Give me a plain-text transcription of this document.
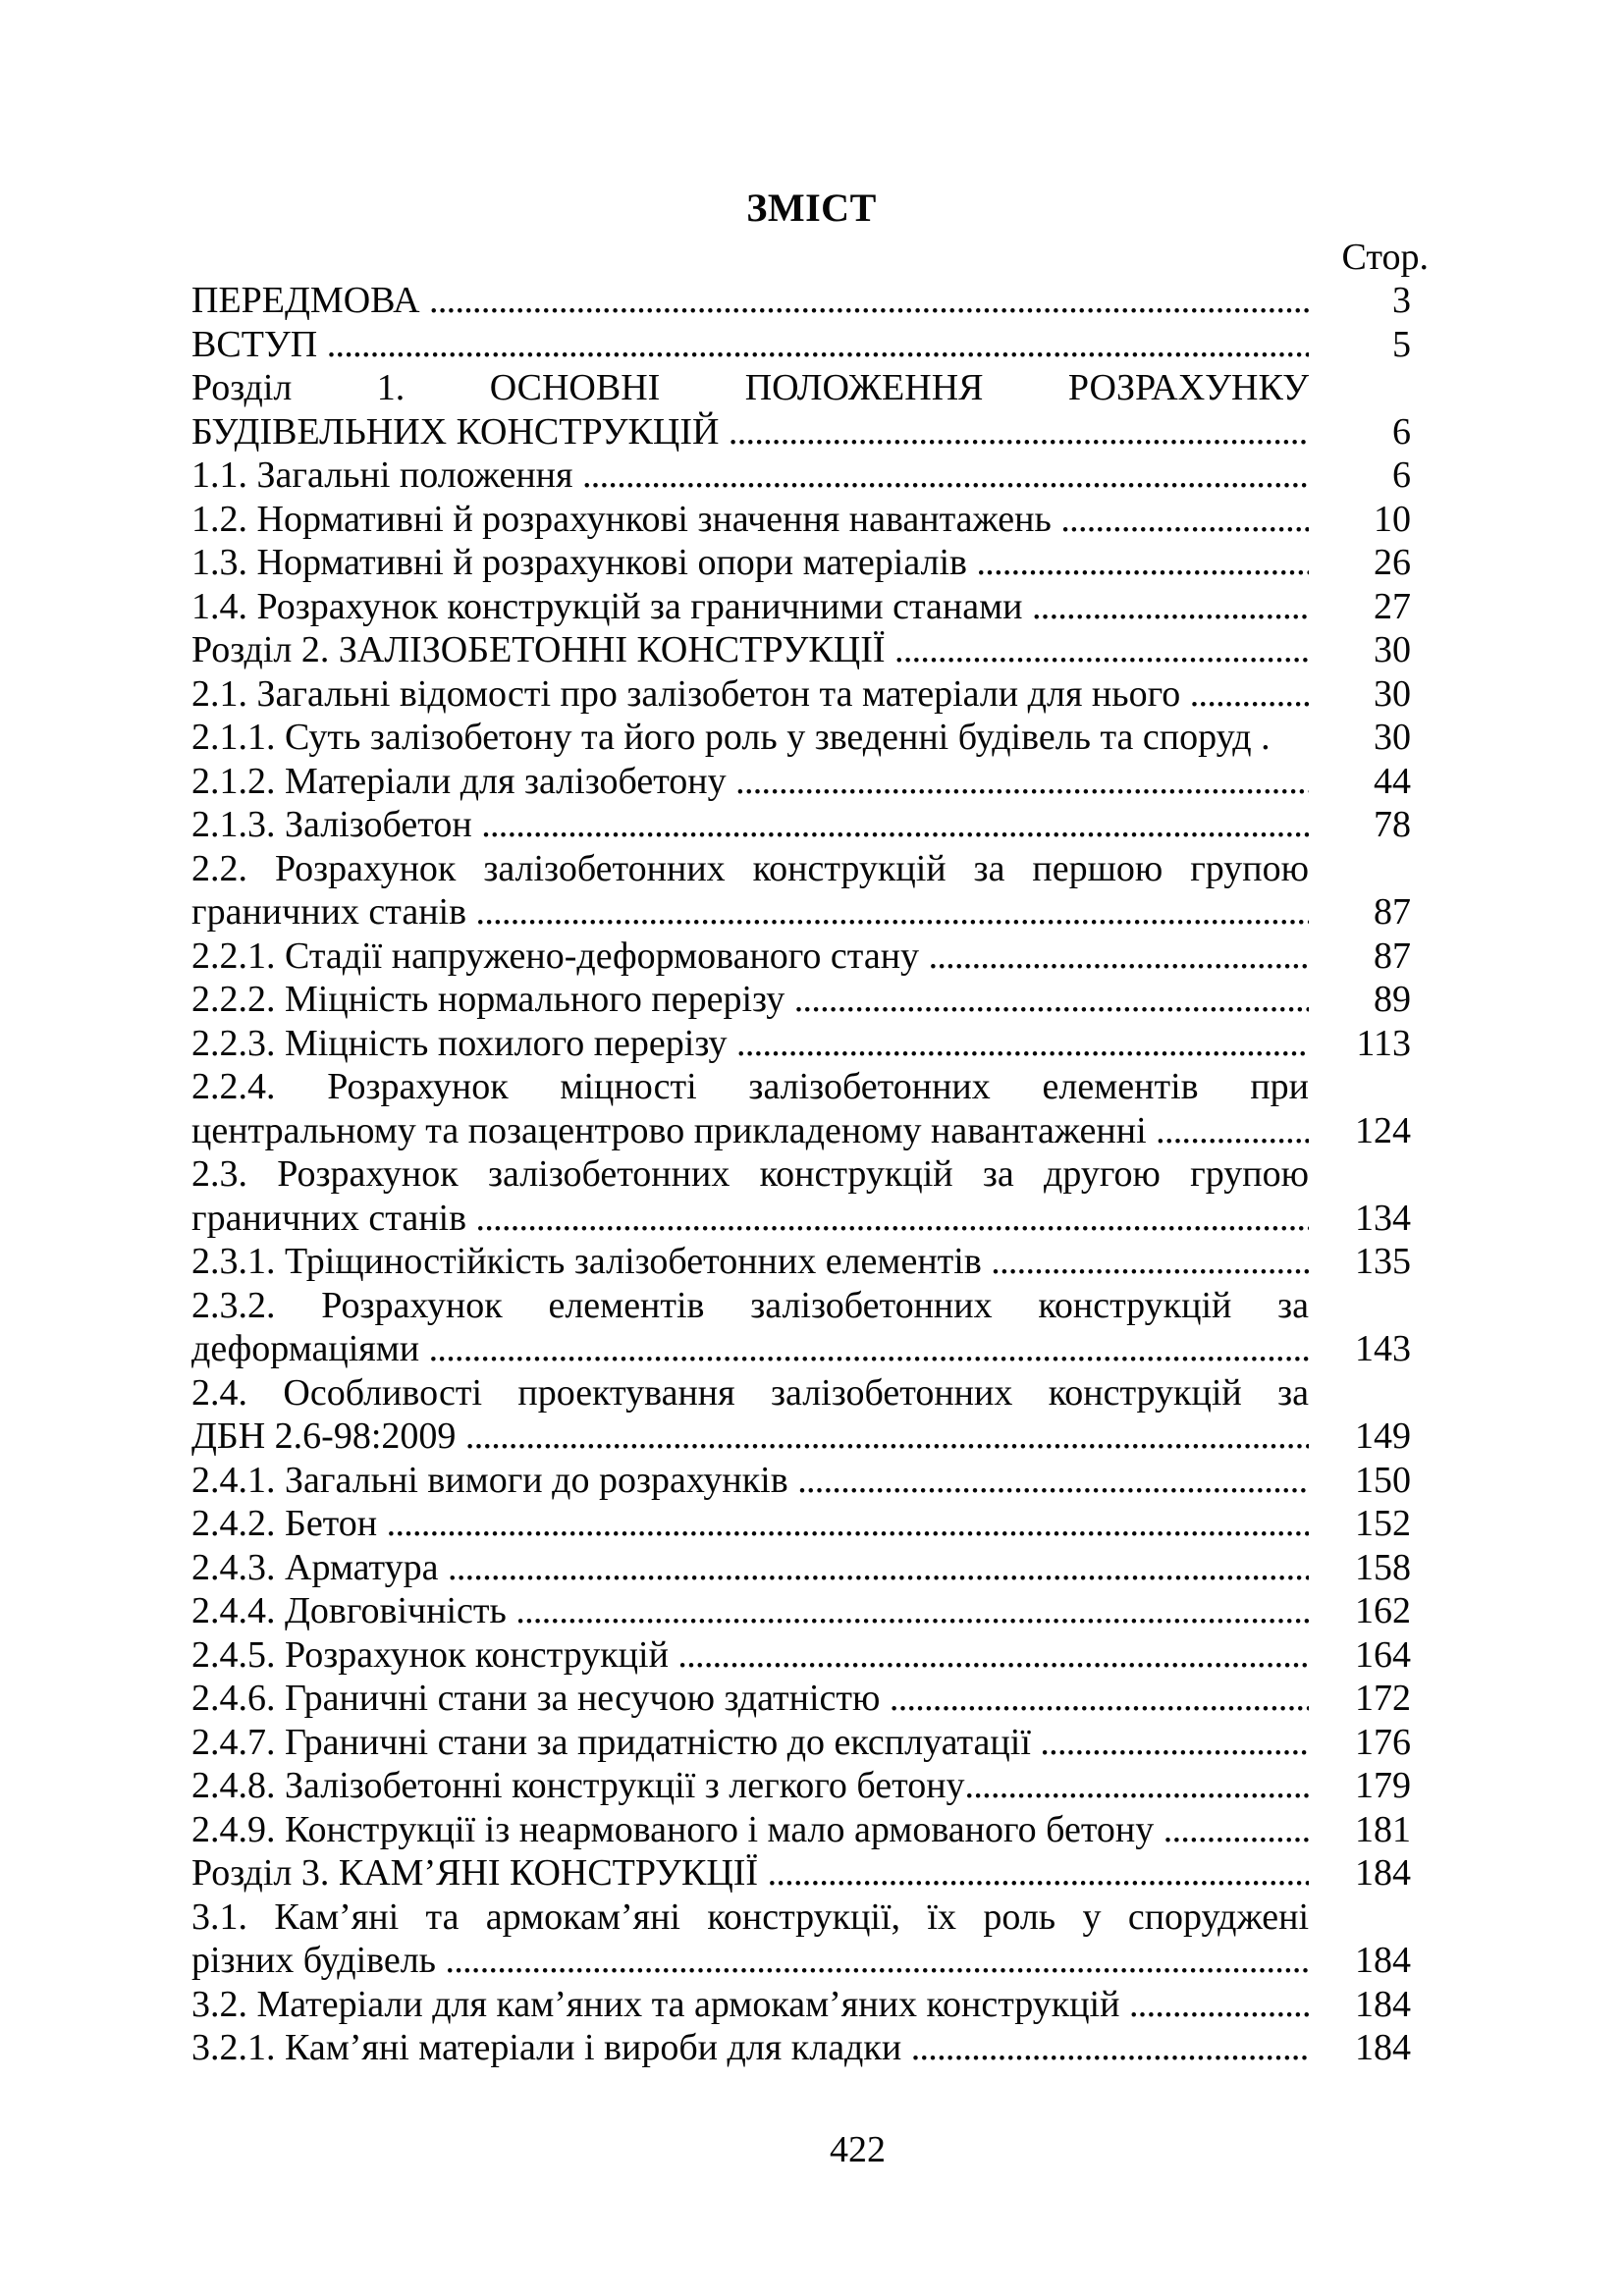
ЗМІСТ
Стор.
ПЕРЕДМОВА .....	3
ВСТУП .....	5
Розділ 1. ОСНОВНІ ПОЛОЖЕННЯ РОЗРАХУНКУ
БУДІВЕЛЬНИХ КОНСТРУКЦІЙ .....	6
1.1. Загальні положення .....	6
1.2. Нормативні й розрахункові значення навантажень .....	10
1.3. Нормативні й розрахункові опори матеріалів .....	26
1.4. Розрахунок конструкцій за граничними станами .....	27
Розділ 2. ЗАЛІЗОБЕТОННІ КОНСТРУКЦІЇ .....	30
2.1. Загальні відомості про залізобетон та матеріали для нього .....	30
2.1.1. Суть залізобетону та його роль у зведенні будівель та споруд .	30
2.1.2. Матеріали для залізобетону .....	44
2.1.3. Залізобетон .....	78
2.2. Розрахунок залізобетонних конструкцій за першою групою
граничних станів .....	87
2.2.1. Стадії напружено-деформованого стану .....	87
2.2.2. Міцність нормального перерізу .....	89
2.2.3. Міцність похилого перерізу .....	113
2.2.4. Розрахунок міцності залізобетонних елементів при
центральному та позацентрово прикладеному навантаженні .....	124
2.3. Розрахунок залізобетонних конструкцій за другою групою
граничних станів .....	134
2.3.1. Тріщиностійкість залізобетонних елементів .....	135
2.3.2. Розрахунок елементів залізобетонних конструкцій за
деформаціями .....	143
2.4. Особливості проектування залізобетонних конструкцій за
ДБН 2.6-98:2009 .....	149
2.4.1. Загальні вимоги до розрахунків .....	150
2.4.2. Бетон .....	152
2.4.3. Арматура .....	158
2.4.4. Довговічність .....	162
2.4.5. Розрахунок конструкцій .....	164
2.4.6. Граничні стани за несучою здатністю .....	172
2.4.7. Граничні стани за придатністю до експлуатації .....	176
2.4.8. Залізобетонні конструкції з легкого бетону .....	179
2.4.9. Конструкції із неармованого і мало армованого бетону .....	181
Розділ 3. КАМ’ЯНІ КОНСТРУКЦІЇ .....	184
3.1. Кам’яні та армокам’яні конструкції, їх роль у споруджені
різних будівель .....	184
3.2. Матеріали для кам’яних та армокам’яних конструкцій .....	184
3.2.1. Кам’яні матеріали і вироби для кладки .....	184
422
